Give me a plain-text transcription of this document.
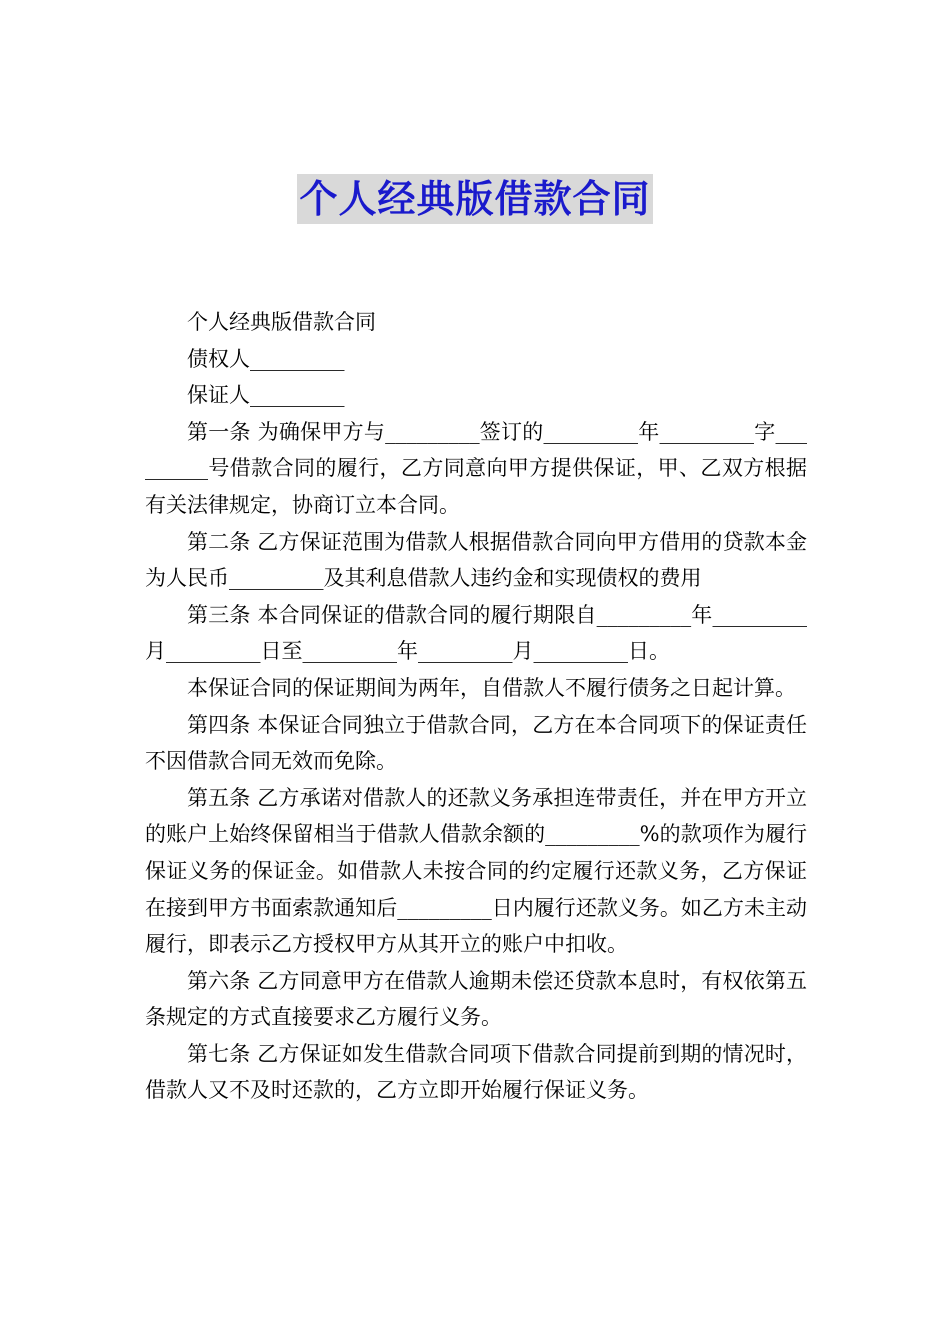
个人经典版借款合同

个人经典版借款合同

债权人_________

保证人_________

第一条 为确保甲方与_________签订的_________年_________字_________号借款合同的履行，乙方同意向甲方提供保证，甲、乙双方根据有关法律规定，协商订立本合同。

第二条 乙方保证范围为借款人根据借款合同向甲方借用的贷款本金为人民币_________及其利息借款人违约金和实现债权的费用

第三条 本合同保证的借款合同的履行期限自_________年_________月_________日至_________年_________月_________日。

本保证合同的保证期间为两年，自借款人不履行债务之日起计算。

第四条 本保证合同独立于借款合同，乙方在本合同项下的保证责任不因借款合同无效而免除。

第五条 乙方承诺对借款人的还款义务承担连带责任，并在甲方开立的账户上始终保留相当于借款人借款余额的_________%的款项作为履行保证义务的保证金。如借款人未按合同的约定履行还款义务，乙方保证在接到甲方书面索款通知后_________日内履行还款义务。如乙方未主动履行，即表示乙方授权甲方从其开立的账户中扣收。

第六条 乙方同意甲方在借款人逾期未偿还贷款本息时，有权依第五条规定的方式直接要求乙方履行义务。

第七条 乙方保证如发生借款合同项下借款合同提前到期的情况时，借款人又不及时还款的，乙方立即开始履行保证义务。
